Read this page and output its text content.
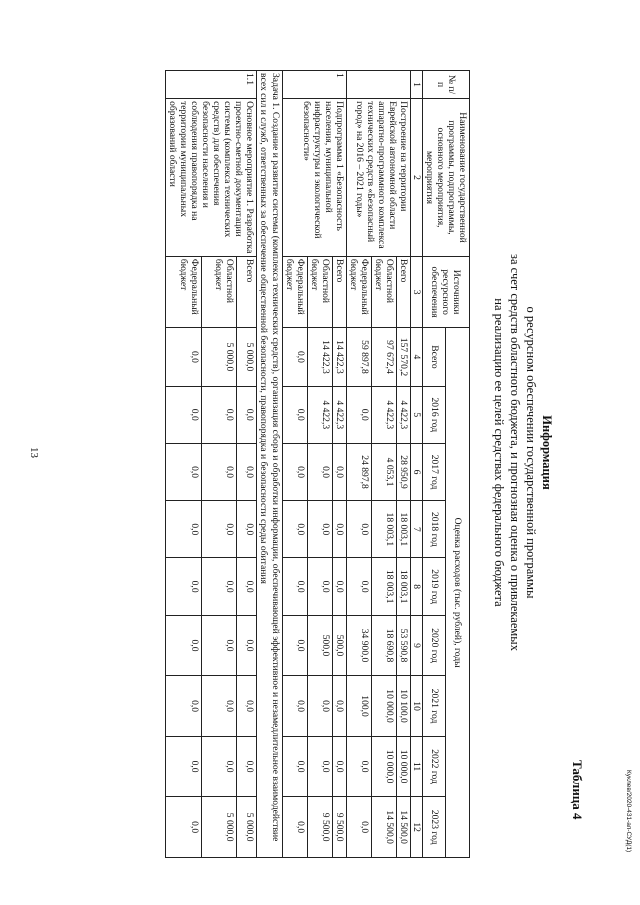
Куклев/2020-431-ап-СУД(1)
Таблица 4
Информация
о ресурсном обеспечении государственной программы
за счет средств областного бюджета, и прогнозная оценка о привлекаемых
на реализацию ее целей средствах федерального бюджета
№ п/п	Наименование государственной программы, подпрограммы, основного мероприятия, мероприятия	Источники ресурсного обеспечения	Оценка расходов (тыс. рублей), годы								
			Всего	2016 год	2017 год	2018 год	2019 год	2020 год	2021 год	2022 год	2023 год
1	2	3	4	5	6	7	8	9	10	11	12
	Построение на территории Еврейской автономной области аппаратно-программного комплекса технических средств «Безопасный город» на 2016 – 2021 годы»	Всего	157 570,2	4 422,3	28 950,9	18 003,1	18 003,1	53 590,8	10 100,0	10 000,0	14 500,0
		Областной бюджет	97 672,4	4 422,3	4 053,1	18 003,1	18 003,1	18 690,8	10 000,0	10 000,0	14 500,0
		Федеральный бюджет	59 897,8	0,0	24 897,8	0,0	0,0	34 900,0	100,0	0,0	0,0
1	Подпрограмма 1 «Безопасность населения, муниципальной инфраструктуры и экологической безопасности»	Всего	14 422,3	4 422,3	0,0	0,0	0,0	500,0	0,0	0,0	9 500,0
		Областной бюджет	14 422,3	4 422,3	0,0	0,0	0,0	500,0	0,0	0,0	9 500,0
		Федеральный бюджет	0,0	0,0	0,0	0,0	0,0	0,0	0,0	0,0	0,0
Задача 1. Создание и развитие системы (комплекса технических средств), организация сбора и обработки информации, обеспечивающей эффективное и незамедлительное взаимодействие всех сил и служб, ответственных за обеспечение общественной безопасности, правопорядка и безопасности среды обитания											
1.1	Основное мероприятие 1. Разработка проектно-сметной документации системы (комплекса технических средств) для обеспечения безопасности населения и соблюдения правопорядка на территории муниципальных образований области	Всего	5 000,0	0,0	0,0	0,0	0,0	0,0	0,0	0,0	5 000,0
		Областной бюджет	5 000,0	0,0	0,0	0,0	0,0	0,0	0,0	0,0	5 000,0
		Федеральный бюджет	0,0	0,0	0,0	0,0	0,0	0,0	0,0	0,0	0,0
13
